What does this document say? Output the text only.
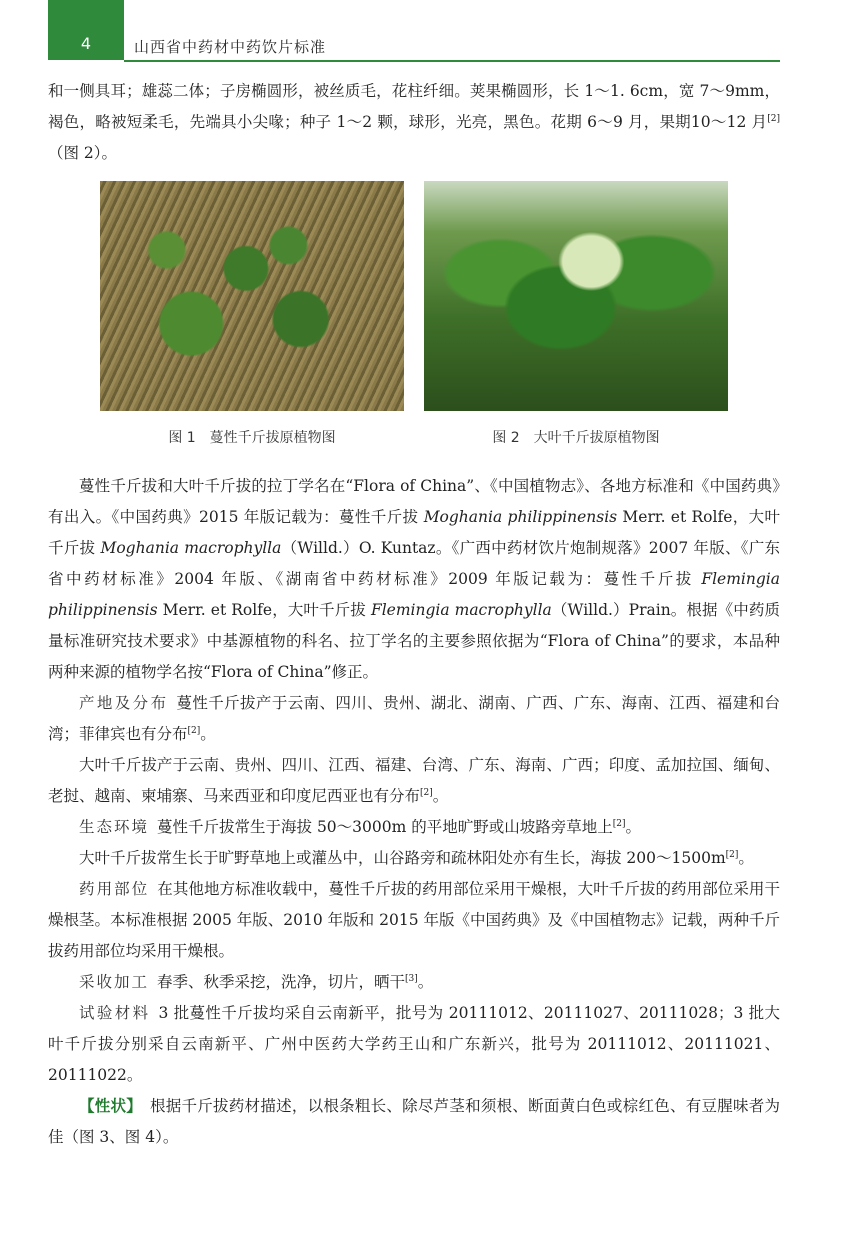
4	山西省中药材中药饮片标准

和一侧具耳；雄蕊二体；子房椭圆形，被丝质毛，花柱纤细。荚果椭圆形，长 1～1. 6cm，宽 7～9mm，褐色，略被短柔毛，先端具小尖喙；种子 1～2 颗，球形，光亮，黑色。花期 6～9 月，果期10～12 月[2]（图 2）。

图 1　蔓性千斤拔原植物图	图 2　大叶千斤拔原植物图

蔓性千斤拔和大叶千斤拔的拉丁学名在“Flora of China”、《中国植物志》、各地方标准和《中国药典》有出入。《中国药典》2015 年版记载为：蔓性千斤拔 Moghania philippinensis Merr. et Rolfe，大叶千斤拔 Moghania macrophylla（Willd.）O. Kuntaz。《广西中药材饮片炮制规落》2007 年版、《广东省中药材标准》2004 年版、《湖南省中药材标准》2009 年版记载为：蔓性千斤拔 Flemingia philippinensis Merr. et Rolfe，大叶千斤拔 Flemingia macrophylla（Willd.）Prain。根据《中药质量标准研究技术要求》中基源植物的科名、拉丁学名的主要参照依据为“Flora of China”的要求，本品种两种来源的植物学名按“Flora of China”修正。

产地及分布 蔓性千斤拔产于云南、四川、贵州、湖北、湖南、广西、广东、海南、江西、福建和台湾；菲律宾也有分布[2]。

大叶千斤拔产于云南、贵州、四川、江西、福建、台湾、广东、海南、广西；印度、孟加拉国、缅甸、老挝、越南、柬埔寨、马来西亚和印度尼西亚也有分布[2]。

生态环境 蔓性千斤拔常生于海拔 50～3000m 的平地旷野或山坡路旁草地上[2]。

大叶千斤拔常生长于旷野草地上或灌丛中，山谷路旁和疏林阳处亦有生长，海拔 200～1500m[2]。

药用部位 在其他地方标准收载中，蔓性千斤拔的药用部位采用干燥根，大叶千斤拔的药用部位采用干燥根茎。本标准根据 2005 年版、2010 年版和 2015 年版《中国药典》及《中国植物志》记载，两种千斤拔药用部位均采用干燥根。

采收加工 春季、秋季采挖，洗净，切片，晒干[3]。

试验材料 3 批蔓性千斤拔均采自云南新平，批号为 20111012、20111027、20111028；3 批大叶千斤拔分别采自云南新平、广州中医药大学药王山和广东新兴，批号为 20111012、20111021、20111022。

【性状】 根据千斤拔药材描述，以根条粗长、除尽芦茎和须根、断面黄白色或棕红色、有豆腥味者为佳（图 3、图 4）。
